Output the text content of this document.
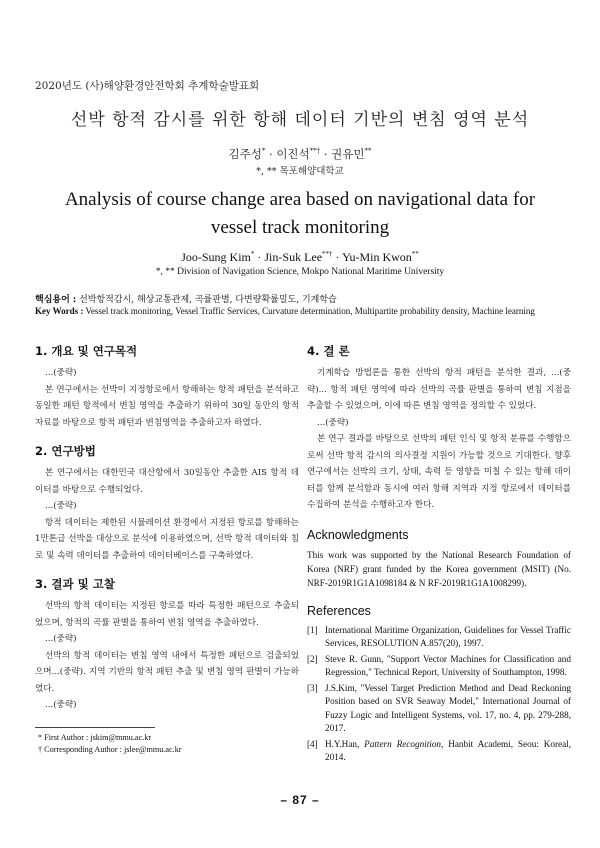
2020년도 (사)해양환경안전학회 추계학술발표회
선박 항적 감시를 위한 항해 데이터 기반의 변침 영역 분석
김주성* · 이진석**† · 권유민**
*, ** 목포해양대학교
Analysis of course change area based on navigational data for vessel track monitoring
Joo-Sung Kim* · Jin-Suk Lee**† · Yu-Min Kwon**
*, ** Division of Navigation Science, Mokpo National Maritime University
핵심용어 : 선박항적감시, 해상교통관제, 곡률판별, 다변량확률밀도, 기계학습
Key Words : Vessel track monitoring, Vessel Traffic Services, Curvature determination, Multipartite probability density, Machine learning
1. 개요 및 연구목적

...(중략)

본 연구에서는 선박이 지정항로에서 항해하는 항적 패턴을 분석하고 동일한 패턴 항적에서 변침 영역을 추출하기 위하여 30일 동안의 항적 자료를 바탕으로 항적 패턴과 변침영역을 추출하고자 하였다.

2. 연구방법

본 연구에서는 대한민국 대산항에서 30일동안 추출한 AIS 항적 데이터를 바탕으로 수행되었다.

...(중략)

항적 데이터는 제한된 시뮬레이션 환경에서 지정된 항로를 항해하는 1만톤급 선박을 대상으로 분석에 이용하였으며, 선박 항적 데이터와 침로 및 속력 데이터를 추출하여 데이터베이스를 구축하였다.

3. 결과 및 고찰

선박의 항적 데이터는 지정된 항로를 따라 특정한 패턴으로 추출되었으며, 항적의 곡률 판별을 통하여 변침 영역을 추출하였다.

...(중략)

선박의 항적 데이터는 변침 영역 내에서 특정한 패턴으로 검출되었으며...(중략). 지역 기반의 항적 패턴 추출 및 변침 영역 판별이 가능하였다.

...(중략)

4. 결 론

기계학습 방법론을 통한 선박의 항적 패턴을 분석한 결과, ...(중략)... 항적 패턴 영역에 따라 선박의 곡률 판별을 통하여 변침 지점을 추출할 수 있었으며, 이에 따른 변침 영역을 정의할 수 있었다.

...(중략)

본 연구 결과를 바탕으로 선박의 패턴 인식 및 항적 분류를 수행함으로써 선박 항적 감시의 의사결정 지원이 가능할 것으로 기대한다. 향후 연구에서는 선박의 크기, 상태, 속력 등 영향을 미칠 수 있는 항해 데이터를 함께 분석함과 동시에 여러 항해 지역과 지정 항로에서 데이터를 수집하여 분석을 수행하고자 한다.

Acknowledgments

This work was supported by the National Research Foundation of Korea (NRF) grant funded by the Korea government (MSIT) (No. NRF-2019R1G1A1098184 & N RF-2019R1G1A1008299).

References
[1] International Maritime Organization, Guidelines for Vessel Traffic Services, RESOLUTION A.857(20), 1997.
[2] Steve R. Gunn, "Support Vector Machines for Classification and Regression," Technical Report, University of Southampton, 1998.
[3] J.S.Kim, "Vessel Target Prediction Method and Dead Reckoning Position based on SVR Seaway Model," International Journal of Fuzzy Logic and Intelligent Systems, vol. 17, no. 4, pp. 279-288, 2017.
[4] H.Y.Han, Pattern Recognition, Hanbit Academi, Seou: Koreal, 2014.
* First Author : jskim@mmu.ac.kr
† Corresponding Author : jslee@mmu.ac.kr
– 87 –
